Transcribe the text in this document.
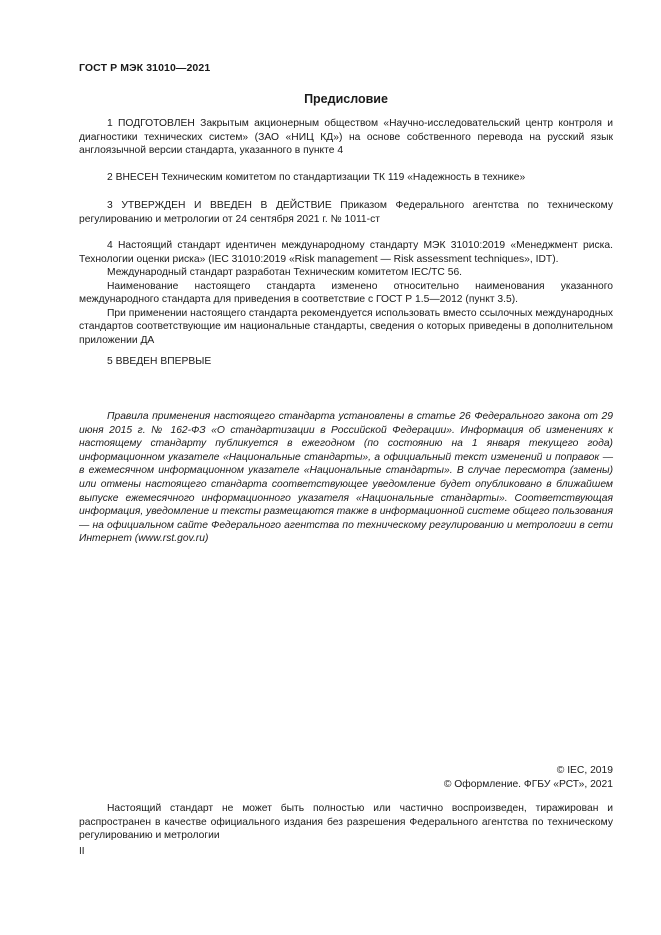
ГОСТ Р МЭК 31010—2021
Предисловие

1 ПОДГОТОВЛЕН Закрытым акционерным обществом «Научно-исследовательский центр контроля и диагностики технических систем» (ЗАО «НИЦ КД») на основе собственного перевода на русский язык англоязычной версии стандарта, указанного в пункте 4

2 ВНЕСЕН Техническим комитетом по стандартизации ТК 119 «Надежность в технике»

3 УТВЕРЖДЕН И ВВЕДЕН В ДЕЙСТВИЕ Приказом Федерального агентства по техническому регулированию и метрологии от 24 сентября 2021 г. № 1011-ст

4 Настоящий стандарт идентичен международному стандарту МЭК 31010:2019 «Менеджмент риска. Технологии оценки риска» (IEC 31010:2019 «Risk management — Risk assessment techniques», IDT).

Международный стандарт разработан Техническим комитетом IEC/TC 56.

Наименование настоящего стандарта изменено относительно наименования указанного международного стандарта для приведения в соответствие с ГОСТ Р 1.5—2012 (пункт 3.5).

При применении настоящего стандарта рекомендуется использовать вместо ссылочных международных стандартов соответствующие им национальные стандарты, сведения о которых приведены в дополнительном приложении ДА

5 ВВЕДЕН ВПЕРВЫЕ

Правила применения настоящего стандарта установлены в статье 26 Федерального закона от 29 июня 2015 г. № 162-ФЗ «О стандартизации в Российской Федерации». Информация об изменениях к настоящему стандарту публикуется в ежегодном (по состоянию на 1 января текущего года) информационном указателе «Национальные стандарты», а официальный текст изменений и поправок — в ежемесячном информационном указателе «Национальные стандарты». В случае пересмотра (замены) или отмены настоящего стандарта соответствующее уведомление будет опубликовано в ближайшем выпуске ежемесячного информационного указателя «Национальные стандарты». Соответствующая информация, уведомление и тексты размещаются также в информационной системе общего пользования — на официальном сайте Федерального агентства по техническому регулированию и метрологии в сети Интернет (www.rst.gov.ru)

© IEC, 2019
© Оформление. ФГБУ «РСТ», 2021

Настоящий стандарт не может быть полностью или частично воспроизведен, тиражирован и распространен в качестве официального издания без разрешения Федерального агентства по техническому регулированию и метрологии

II
